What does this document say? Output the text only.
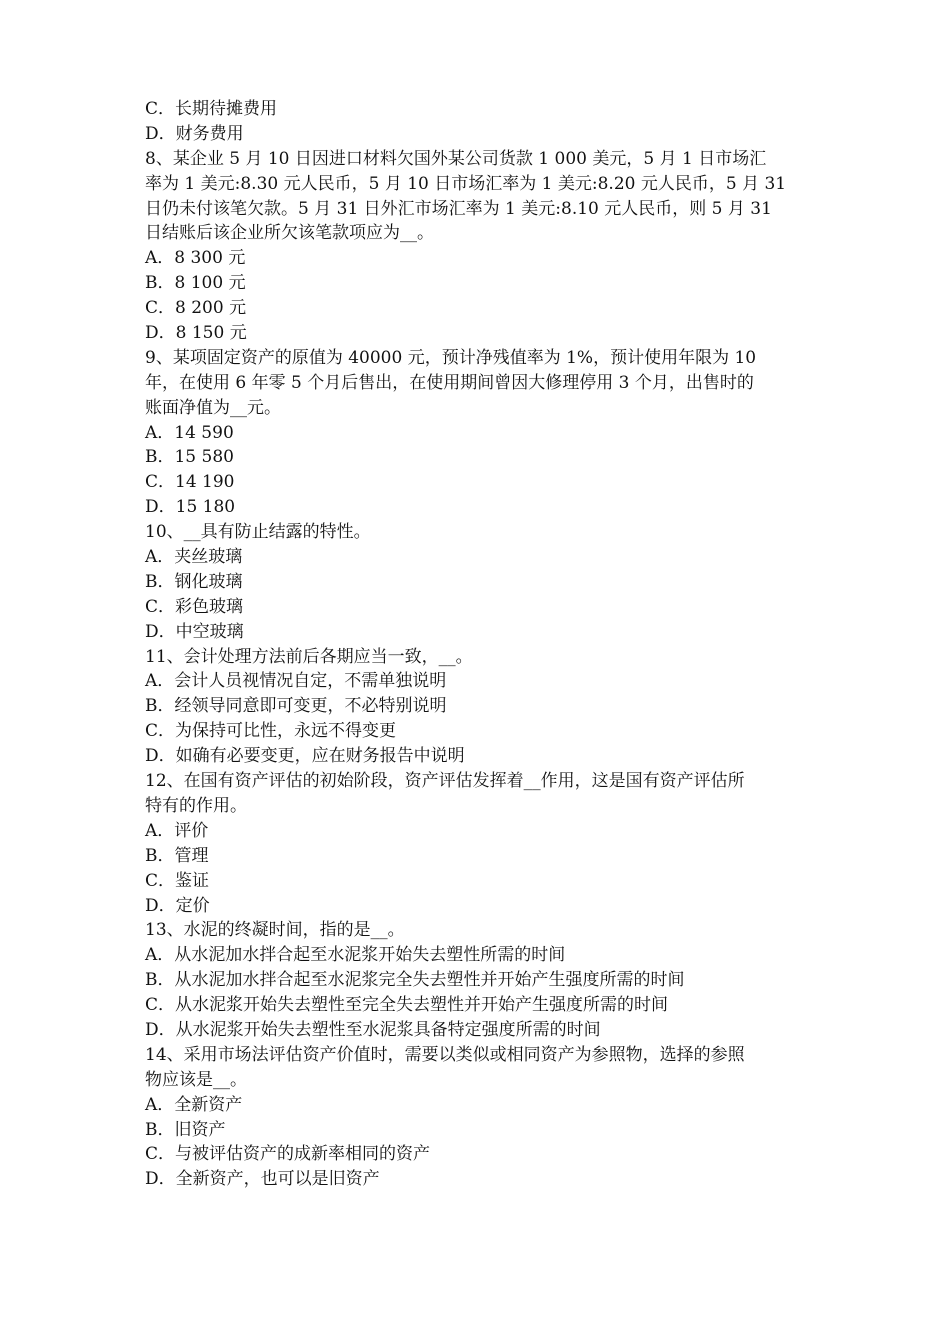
C．长期待摊费用
D．财务费用
8、某企业 5 月 10 日因进口材料欠国外某公司货款 1 000 美元，5 月 1 日市场汇
率为 1 美元:8.30 元人民币，5 月 10 日市场汇率为 1 美元:8.20 元人民币，5 月 31
日仍未付该笔欠款。5 月 31 日外汇市场汇率为 1 美元:8.10 元人民币，则 5 月 31
日结账后该企业所欠该笔款项应为__。
A．8 300 元
B．8 100 元
C．8 200 元
D．8 150 元
9、某项固定资产的原值为 40000 元，预计净残值率为 1%，预计使用年限为 10
年，在使用 6 年零 5 个月后售出，在使用期间曾因大修理停用 3 个月，出售时的
账面净值为__元。
A．14 590
B．15 580
C．14 190
D．15 180
10、__具有防止结露的特性。
A．夹丝玻璃
B．钢化玻璃
C．彩色玻璃
D．中空玻璃
11、会计处理方法前后各期应当一致，__。
A．会计人员视情况自定，不需单独说明
B．经领导同意即可变更，不必特别说明
C．为保持可比性，永远不得变更
D．如确有必要变更，应在财务报告中说明
12、在国有资产评估的初始阶段，资产评估发挥着__作用，这是国有资产评估所
特有的作用。
A．评价
B．管理
C．鉴证
D．定价
13、水泥的终凝时间，指的是__。
A．从水泥加水拌合起至水泥浆开始失去塑性所需的时间
B．从水泥加水拌合起至水泥浆完全失去塑性并开始产生强度所需的时间
C．从水泥浆开始失去塑性至完全失去塑性并开始产生强度所需的时间
D．从水泥浆开始失去塑性至水泥浆具备特定强度所需的时间
14、采用市场法评估资产价值时，需要以类似或相同资产为参照物，选择的参照
物应该是__。
A．全新资产
B．旧资产
C．与被评估资产的成新率相同的资产
D．全新资产，也可以是旧资产
